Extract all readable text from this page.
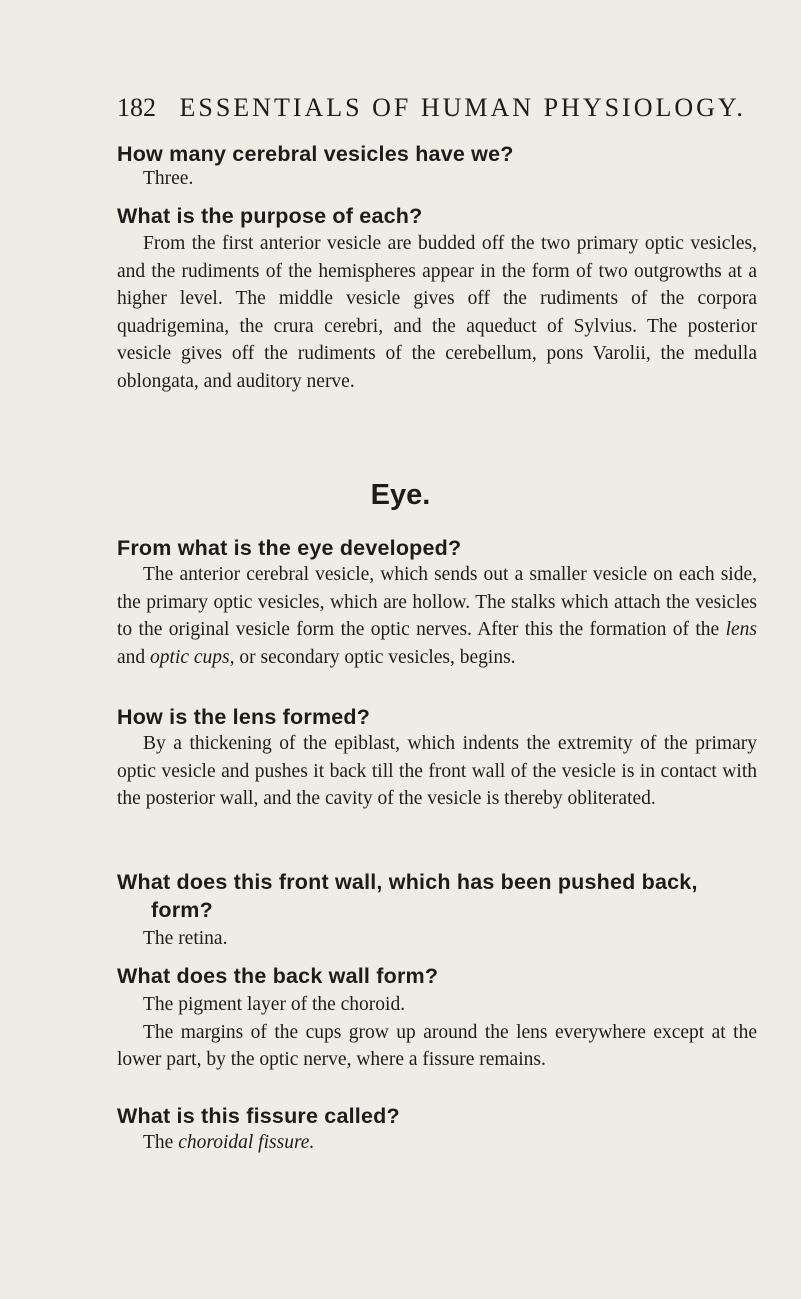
182 ESSENTIALS OF HUMAN PHYSIOLOGY.
How many cerebral vesicles have we?
Three.
What is the purpose of each?
From the first anterior vesicle are budded off the two primary optic vesicles, and the rudiments of the hemispheres appear in the form of two outgrowths at a higher level. The middle vesicle gives off the rudiments of the corpora quadrigemina, the crura cerebri, and the aqueduct of Sylvius. The posterior vesicle gives off the rudiments of the cerebellum, pons Varolii, the medulla oblongata, and auditory nerve.
Eye.
From what is the eye developed?
The anterior cerebral vesicle, which sends out a smaller vesicle on each side, the primary optic vesicles, which are hollow. The stalks which attach the vesicles to the original vesicle form the optic nerves. After this the formation of the lens and optic cups, or secondary optic vesicles, begins.
How is the lens formed?
By a thickening of the epiblast, which indents the extremity of the primary optic vesicle and pushes it back till the front wall of the vesicle is in contact with the posterior wall, and the cavity of the vesicle is thereby obliterated.
What does this front wall, which has been pushed back,
form?
The retina.
What does the back wall form?
The pigment layer of the choroid.
The margins of the cups grow up around the lens everywhere except at the lower part, by the optic nerve, where a fissure remains.
What is this fissure called?
The choroidal fissure.
